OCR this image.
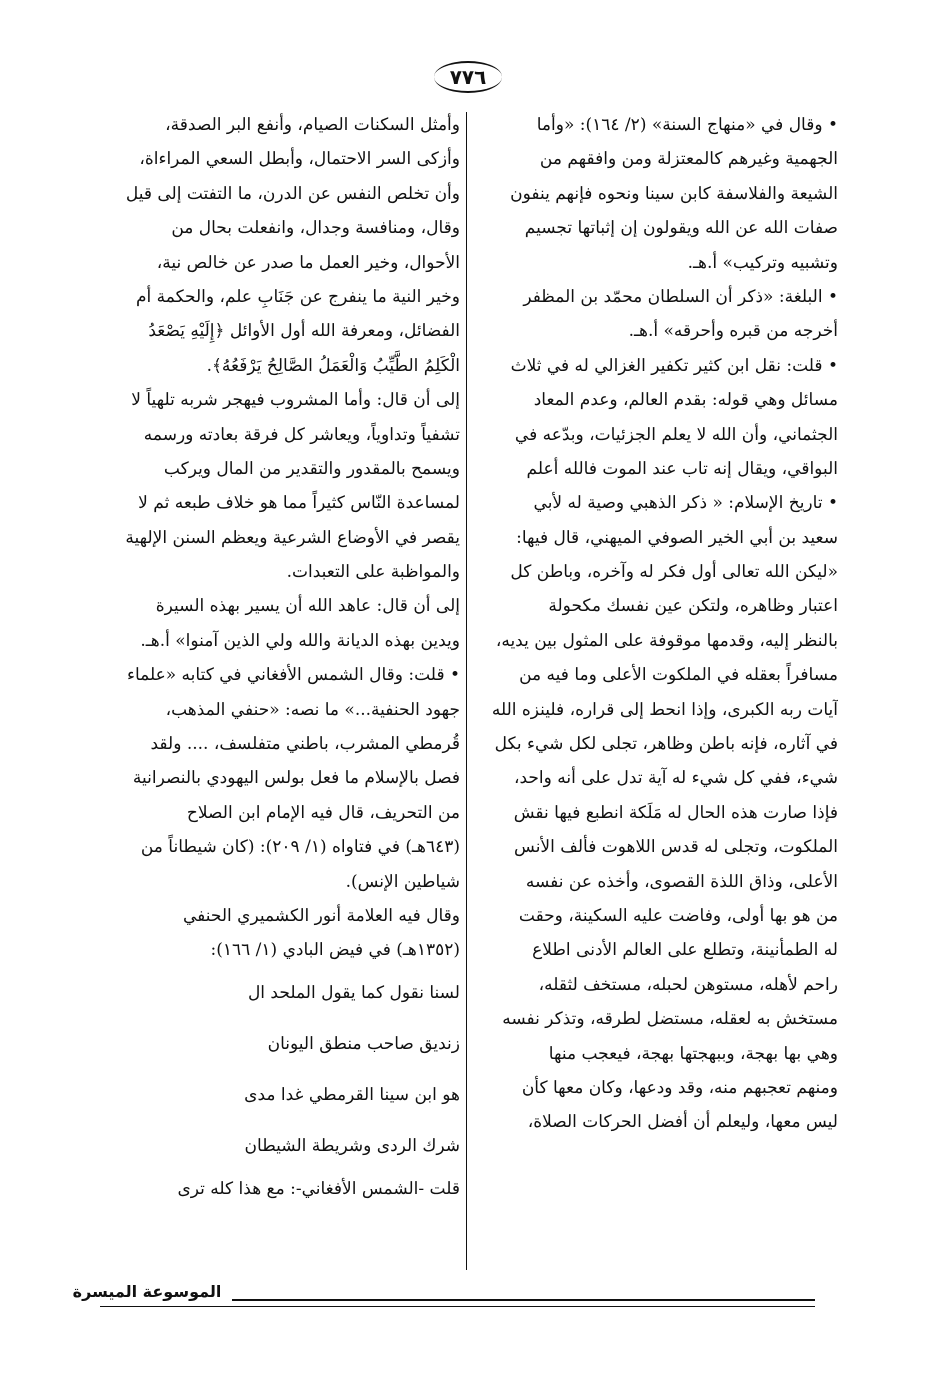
٧٧٦
• وقال في «منهاج السنة» (٢/ ١٦٤): «وأما
الجهمية وغيرهم كالمعتزلة ومن وافقهم من
الشيعة والفلاسفة كابن سينا ونحوه فإنهم ينفون
صفات الله عن الله ويقولون إن إثباتها تجسيم
وتشبيه وتركيب» أ.هـ.
• البلغة: «ذكر أن السلطان محمّد بن المظفر
أخرجه من قبره وأحرقه» أ.هـ.
• قلت: نقل ابن كثير تكفير الغزالي له في ثلاث
مسائل وهي قوله: بقدم العالم، وعدم المعاد
الجثماني، وأن الله لا يعلم الجزئيات، وبدّعه في
البواقي، ويقال إنه تاب عند الموت فالله أعلم
• تاريخ الإسلام: « ذكر الذهبي وصية له لأبي
سعيد بن أبي الخير الصوفي الميهني، قال فيها:
«ليكن الله تعالى أول فكر له وآخره، وباطن كل
اعتبار وظاهره، ولتكن عين نفسك مكحولة
بالنظر إليه، وقدمها موقوفة على المثول بين يديه،
مسافراً بعقله في الملكوت الأعلى وما فيه من
آيات ربه الكبرى، وإذا انحط إلى قراره، فلينزه الله
في آثاره، فإنه باطن وظاهر، تجلى لكل شيء بكل
شيء، ففي كل شيء له آية تدل على أنه واحد،
فإذا صارت هذه الحال له مَلَكة انطبع فيها نقش
الملكوت، وتجلى له قدس اللاهوت فألف الأنس
الأعلى، وذاق اللذة القصوى، وأخذه عن نفسه
من هو بها أولى، وفاضت عليه السكينة، وحقت
له الطمأنينة، وتطلع على العالم الأدنى اطلاع
راحم لأهله، مستوهن لحبله، مستخف لثقله،
مستخش به لعقله، مستضل لطرقه، وتذكر نفسه
وهي بها بهجة، وببهجتها بهجة، فيعجب منها
ومنهم تعجبهم منه، وقد ودعها، وكان معها كأن
ليس معها، وليعلم أن أفضل الحركات الصلاة،
وأمثل السكنات الصيام، وأنفع البر الصدقة،
وأزكى السر الاحتمال، وأبطل السعي المراءاة،
وأن تخلص النفس عن الدرن، ما التفتت إلى قيل
وقال، ومنافسة وجدال، وانفعلت بحال من
الأحوال، وخير العمل ما صدر عن خالص نية،
وخير النية ما ينفرج عن جَنَابِ علم، والحكمة أم
الفضائل، ومعرفة الله أول الأوائل ﴿إِلَيْهِ يَصْعَدُ
الْكَلِمُ الطَّيِّبُ وَالْعَمَلُ الصَّالِحُ يَرْفَعُهُ﴾.
إلى أن قال: وأما المشروب فيهجر شربه تلهياً لا
تشفياً وتداوياً، ويعاشر كل فرقة بعادته ورسمه
ويسمح بالمقدور والتقدير من المال ويركب
لمساعدة النّاس كثيراً مما هو خلاف طبعه ثم لا
يقصر في الأوضاع الشرعية ويعظم السنن الإلهية
والمواظبة على التعبدات.
إلى أن قال: عاهد الله أن يسير بهذه السيرة
ويدين بهذه الديانة والله ولي الذين آمنوا» أ.هـ.
• قلت: وقال الشمس الأفغاني في كتابه «علماء
جهود الحنفية...» ما نصه: «حنفي المذهب،
قُرمطي المشرب، باطني متفلسف، .... ولقد
فصل بالإسلام ما فعل بولس اليهودي بالنصرانية
من التحريف، قال فيه الإمام ابن الصلاح
(٦٤٣هـ) في فتاواه (١/ ٢٠٩): (كان شيطاناً من
شياطين الإنس).
وقال فيه العلامة أنور الكشميري الحنفي
(١٣٥٢هـ) في فيض البادي (١/ ١٦٦):
لسنا نقول كما يقول الملحد ال
زنديق صاحب منطق اليونان
هو ابن سينا القرمطي غدا مدى
شرك الردى وشريطة الشيطان
قلت -الشمس الأفغاني-: مع هذا كله ترى
الموسوعة الميسرة
